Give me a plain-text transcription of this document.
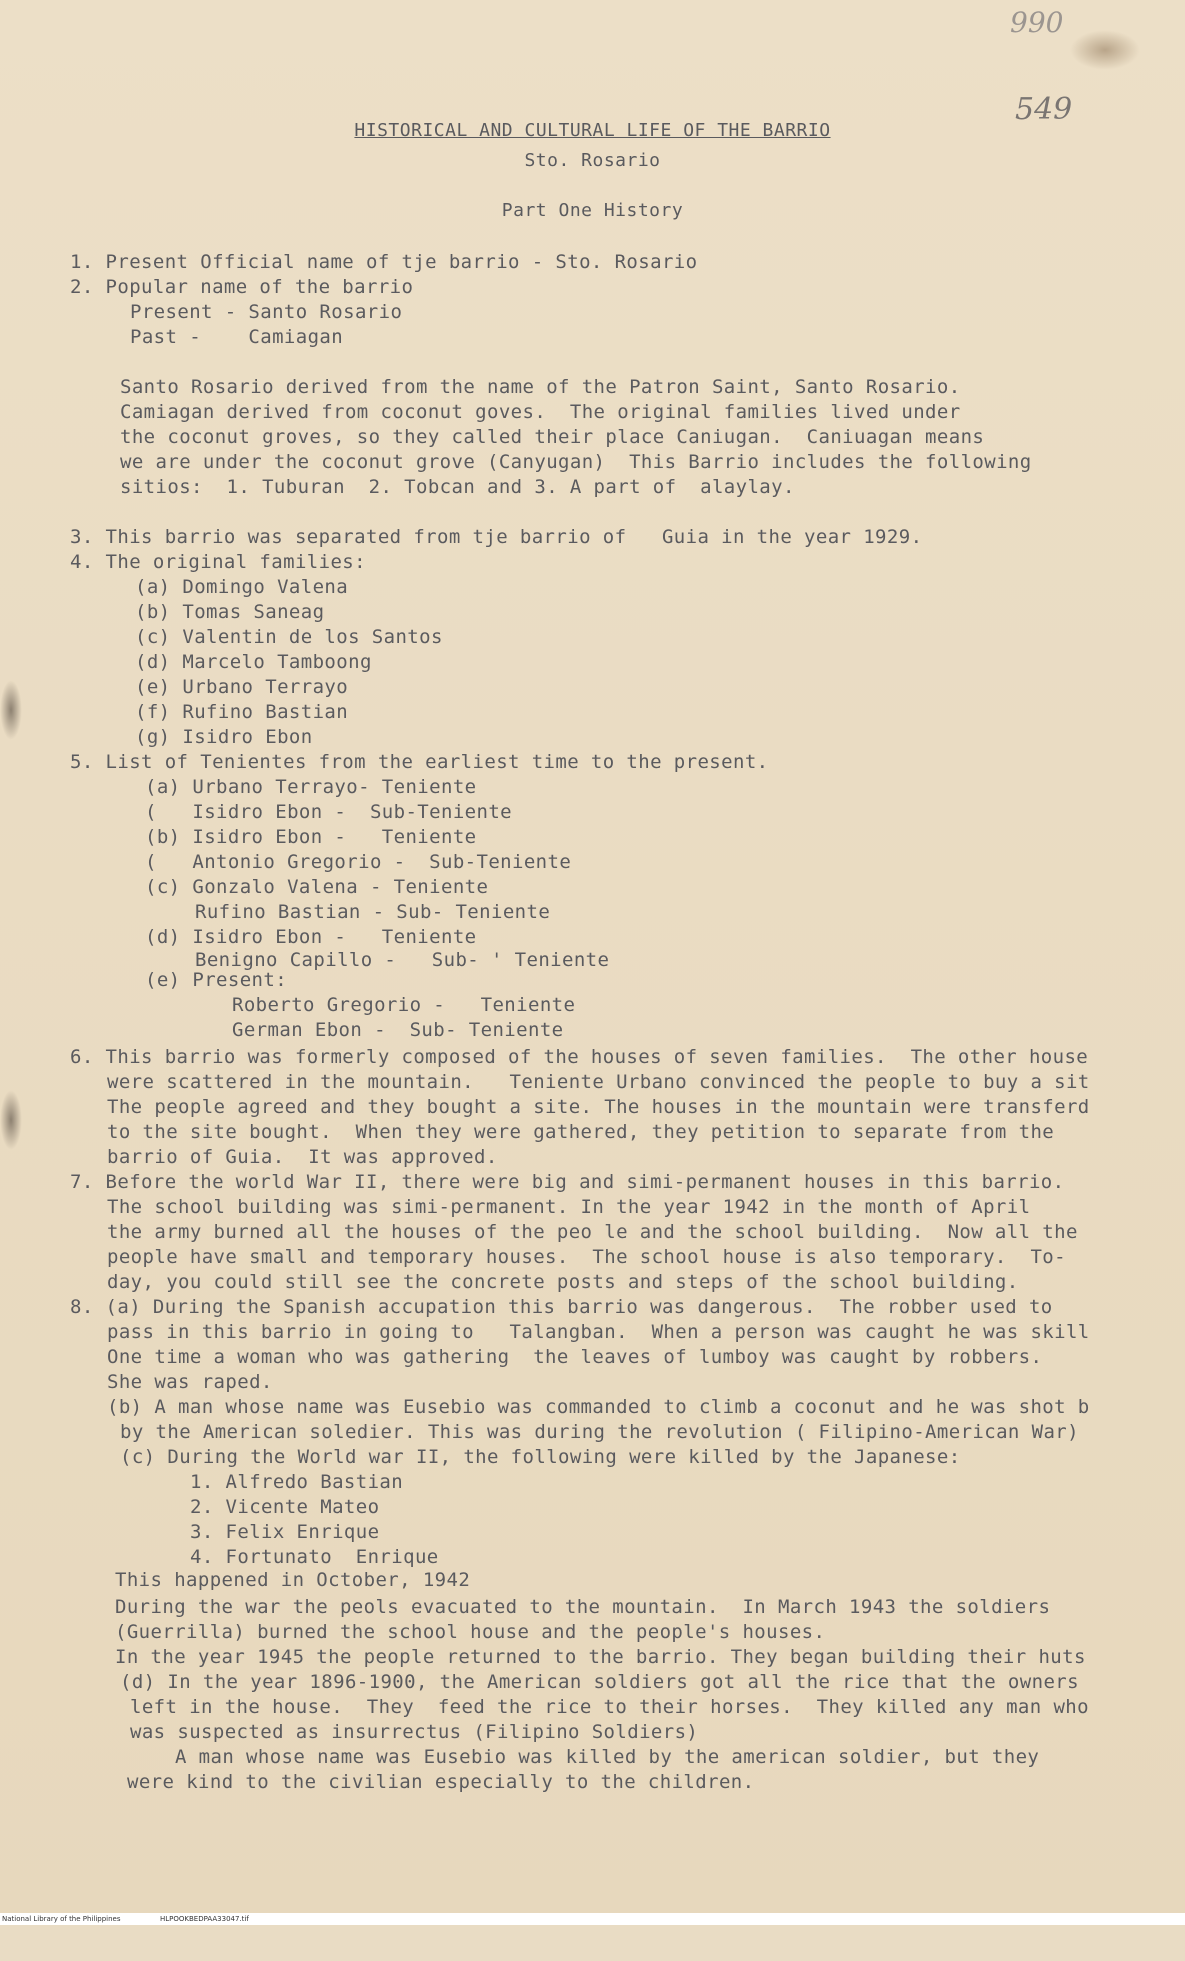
990
549
HISTORICAL AND CULTURAL LIFE OF THE BARRIO
Sto. Rosario
Part One History
1. Present Official name of tje barrio - Sto. Rosario
2. Popular name of the barrio
Present - Santo Rosario
Past -    Camiagan
Santo Rosario derived from the name of the Patron Saint, Santo Rosario.
Camiagan derived from coconut goves.  The original families lived under
the coconut groves, so they called their place Caniugan.  Caniuagan means
we are under the coconut grove (Canyugan)  This Barrio includes the following
sitios:  1. Tuburan  2. Tobcan and 3. A part of  alaylay.
3. This barrio was separated from tje barrio of   Guia in the year 1929.
4. The original families:
(a) Domingo Valena
(b) Tomas Saneag
(c) Valentin de los Santos
(d) Marcelo Tamboong
(e) Urbano Terrayo
(f) Rufino Bastian
(g) Isidro Ebon
5. List of Tenientes from the earliest time to the present.
(a) Urbano Terrayo- Teniente
(   Isidro Ebon -  Sub-Teniente
(b) Isidro Ebon -   Teniente
(   Antonio Gregorio -  Sub-Teniente
(c) Gonzalo Valena - Teniente
Rufino Bastian - Sub- Teniente
(d) Isidro Ebon -   Teniente
Benigno Capillo -   Sub- ' Teniente
(e) Present:
Roberto Gregorio -   Teniente
German Ebon -  Sub- Teniente
6. This barrio was formerly composed of the houses of seven families.  The other house
were scattered in the mountain.   Teniente Urbano convinced the people to buy a sit
The people agreed and they bought a site. The houses in the mountain were transferd
to the site bought.  When they were gathered, they petition to separate from the
barrio of Guia.  It was approved.
7. Before the world War II, there were big and simi-permanent houses in this barrio.
The school building was simi-permanent. In the year 1942 in the month of April
the army burned all the houses of the peo le and the school building.  Now all the
people have small and temporary houses.  The school house is also temporary.  To-
day, you could still see the concrete posts and steps of the school building.
8. (a) During the Spanish accupation this barrio was dangerous.  The robber used to
pass in this barrio in going to   Talangban.  When a person was caught he was skill
One time a woman who was gathering  the leaves of lumboy was caught by robbers.
She was raped.
(b) A man whose name was Eusebio was commanded to climb a coconut and he was shot b
by the American soledier. This was during the revolution ( Filipino-American War)
(c) During the World war II, the following were killed by the Japanese:
1. Alfredo Bastian
2. Vicente Mateo
3. Felix Enrique
4. Fortunato  Enrique
This happened in October, 1942
During the war the peols evacuated to the mountain.  In March 1943 the soldiers
(Guerrilla) burned the school house and the people's houses.
In the year 1945 the people returned to the barrio. They began building their huts
(d) In the year 1896-1900, the American soldiers got all the rice that the owners
left in the house.  They  feed the rice to their horses.  They killed any man who
was suspected as insurrectus (Filipino Soldiers)
A man whose name was Eusebio was killed by the american soldier, but they
were kind to the civilian especially to the children.

National Library of the Philippines

	HLPOOKBEDPAA33047.tif
